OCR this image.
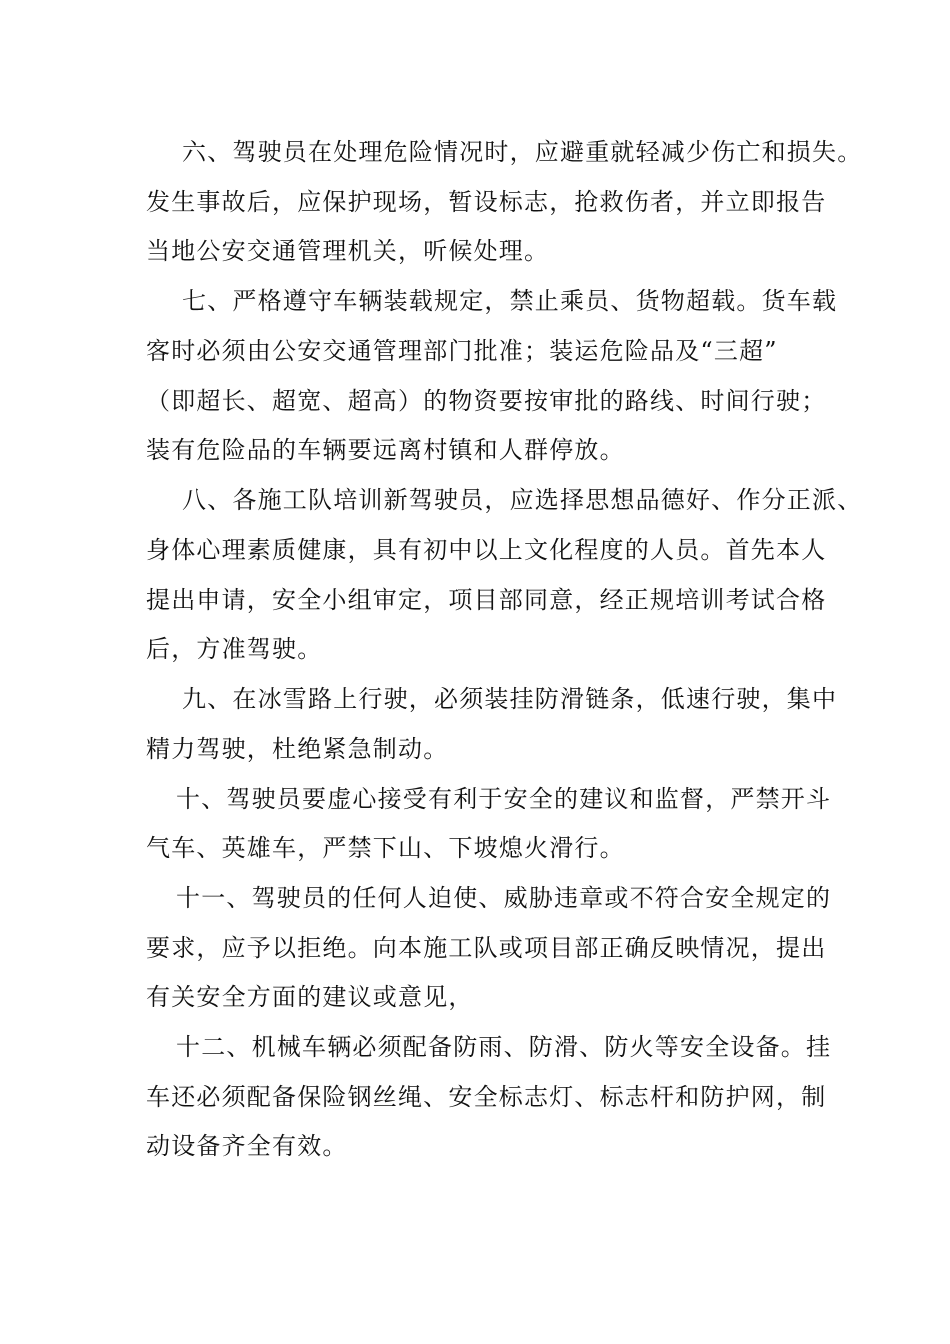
六、驾驶员在处理危险情况时，应避重就轻减少伤亡和损失。
发生事故后，应保护现场，暂设标志，抢救伤者，并立即报告
当地公安交通管理机关，听候处理。
七、严格遵守车辆装载规定，禁止乘员、货物超载。货车载
客时必须由公安交通管理部门批准；装运危险品及“三超”
（即超长、超宽、超高）的物资要按审批的路线、时间行驶；
装有危险品的车辆要远离村镇和人群停放。
八、各施工队培训新驾驶员，应选择思想品德好、作分正派、
身体心理素质健康，具有初中以上文化程度的人员。首先本人
提出申请，安全小组审定，项目部同意，经正规培训考试合格
后，方准驾驶。
九、在冰雪路上行驶，必须装挂防滑链条，低速行驶，集中
精力驾驶，杜绝紧急制动。
十、驾驶员要虚心接受有利于安全的建议和监督，严禁开斗
气车、英雄车，严禁下山、下坡熄火滑行。
十一、驾驶员的任何人迫使、威胁违章或不符合安全规定的
要求，应予以拒绝。向本施工队或项目部正确反映情况，提出
有关安全方面的建议或意见，
十二、机械车辆必须配备防雨、防滑、防火等安全设备。挂
车还必须配备保险钢丝绳、安全标志灯、标志杆和防护网，制
动设备齐全有效。
